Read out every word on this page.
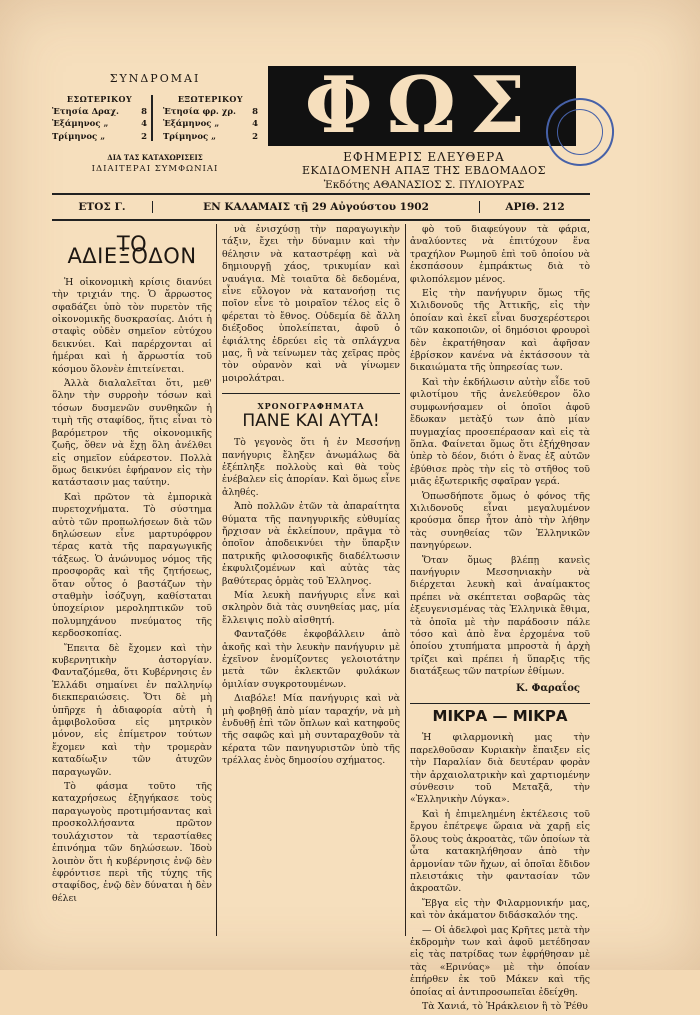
ΣΥΝΔΡΟΜΑΙ
ΕΣΩΤΕΡΙΚΟΥ
Ἐτησία Δραχ.	8
Ἐξάμηνος „	4
Τρίμηνος „	2
ΕΞΩΤΕΡΙΚΟΥ
Ἐτησία φρ. χρ. 8
Ἐξάμηνος „	4
Τρίμηνος „	2
ΔΙΑ ΤΑΣ ΚΑΤΑΧΩΡΙΣΕΙΣ
ΙΔΙΑΙΤΕΡΑΙ ΣΥΜΦΩΝΙΑΙ
ΦΩΣ
ΕΦΗΜΕΡΙΣ ΕΛΕΥΘΕΡΑ
ΕΚΔΙΔΟΜΕΝΗ ΑΠΑΞ ΤΗΣ ΕΒΔΟΜΑΔΟΣ
Ἐκδότης ΑΘΑΝΑΣΙΟΣ Σ. ΠΥΛΙΟΥΡΑΣ
ΕΤΟΣ Γ.	ΕΝ ΚΑΛΑΜΑΙΣ τῇ 29 Αὐγούστου 1902	ΑΡΙΘ. 212
ΤΟ ΑΔΙΕΞΟΔΟΝ

Ἡ οἰκονομικὴ κρίσις διανύει τὴν τριχιάν της. Ὁ ἄρρωστος σφαδάζει ὑπὸ τὸν πυρετὸν τῆς οἰκονομικῆς δυσκρασίας. Διότι ἡ σταφὶς οὐδὲν σημεῖον εὐτύχου δεικνύει. Καὶ παρέρχονται αἱ ἡμέραι καὶ ἡ ἄρρωστία τοῦ κόσμου ὅλονὲν ἐπιτείνεται.

Ἀλλὰ διαλαλεῖται ὅτι, μεθ' ὅλην τὴν συρροὴν τόσων καὶ τόσων δυσμενῶν συνθηκῶν ἡ τιμὴ τῆς σταφίδος, ἥτις εἶναι τὸ βαρόμετρον τῆς οἰκονομικῆς ζωῆς, ὅθεν νὰ ἔχῃ ὅλη ἀνέλθει εἰς σημεῖον εὐάρεστον. Πολλὰ ὅμως δεικνύει ἐφήρανον εἰς τὴν κατάστασιν μας ταύτην.

Καὶ πρῶτον τὰ ἐμπορικὰ πυρετοχνήματα. Τὸ σύστημα αὐτὸ τῶν προπωλήσεων διὰ τῶν δηλώσεων εἶνε μαρτυρόφρον τέρας κατὰ τῆς παραγωγικῆς τάξεως. Ὁ ἀνώνυμος νόμος τῆς προσφορᾶς καὶ τῆς ζητήσεως, ὅταν οὗτος ὁ βαστάζων τὴν σταθμὴν ἰσόζυγη, καθίσταται ὑποχείριον μεροληπτικῶν τοῦ πολυμηχάνου πνεύματος τῆς κερδοσκοπίας.

Ἔπειτα δὲ ἔχομεν καὶ τὴν κυβερνητικὴν ἀστοργίαν. Φανταζόμεθα, ὅτι Κυβέρνησις ἐν Ἑλλάδι σημαίνει ἐν παλληνίῳ διεκπεραιώσεις. Ὅτι δὲ μὴ ὑπῆρχε ἡ ἀδιαφορία αὐτὴ ἡ ἀμφιβολοῦσα εἰς μητρικὸν μόνον, εἰς ἐπίμετρον τούτων ἔχομεν καὶ τὴν τρομερὰν καταδίωξιν τῶν ἀτυχῶν παραγωγῶν.

Τὸ φάσμα τοῦτο τῆς καταχρήσεως ἐξηγήκασε τοὺς παραγωγοὺς προτιμήσαντας καὶ προσκολλήσαντα πρῶτον τουλάχιστον τὰ τεραστίαθες ἐπινόημα τῶν δηλώσεων. Ἰδοὺ λοιπὸν ὅτι ἡ κυβέρνησις ἐνῷ δὲν ἐφρόντισε περὶ τῆς τύχης τῆς σταφίδος, ἐνῷ δὲν δύναται ἡ δὲν θέλει

νὰ ἐνισχύσῃ τὴν παραγωγικὴν τάξιν, ἔχει τὴν δύναμιν καὶ τὴν θέλησιν νὰ καταστρέφῃ καὶ νὰ δημιουργῇ χάος, τρικυμίαν καὶ ναυάγια. Μὲ τοιαῦτα δὲ δεδομένα, εἶνε εὔλογον νὰ κατανοήσῃ τις ποῖον εἶνε τὸ μοιραῖον τέλος εἰς ὃ φέρεται τὸ ἔθνος. Οὐδεμία δὲ ἄλλη διέξοδος ὑπολείπεται, ἀφοῦ ὁ ἐφιάλτης ἐδρεύει εἰς τὰ σπλάγχνα μας, ἢ νὰ τείνωμεν τὰς χεῖρας πρὸς τὸν οὐρανὸν καὶ νὰ γίνωμεν μοιρολάτραι.

ΧΡΟΝΟΓΡΑΦΗΜΑΤΑ
ΠΑΝΕ ΚΑΙ ΑΥΤΑ!

Τὸ γεγονὸς ὅτι ἡ ἐν Μεσσήνῃ πανήγυρις ἔληξεν ἀνωμάλως δὰ ἐξέπληξε πολλοὺς καὶ θὰ τοὺς ἐνέβαλεν εἰς ἀπορίαν. Καὶ ὅμως εἶνε ἀληθές.

Ἀπὸ πολλῶν ἐτῶν τὰ ἀπαραίτητα θύματα τῆς πανηγυρικῆς εὐθυμίας ἤρχισαν νὰ ἐκλείπουν, πρᾶγμα τὸ ὁποῖον ἀποδεικνύει τὴν ὕπαρξιν πατρικῆς φιλοσοφικῆς διαδέλτωσιν ἐκφυλιζομένων καὶ αὐτὰς τὰς βαθύτερας ὁρμὰς τοῦ Ἑλληνος.

Μία λευκὴ πανήγυρις εἶνε καὶ σκληρὸν διὰ τὰς συνηθείας μας, μία ἔλλειψις πολὺ αἰσθητή.

Φανταζόθε ἐκφοβάλλειν ἀπὸ ἀκοῆς καὶ τὴν λευκὴν πανήγυριν μὲ ἐχεῖνον ἐνομίζοντες γελοιοτάτην μετὰ τῶν ἐκλεκτῶν φυλάκων ὁμιλίαν συγκροτουμένων.

Διαβόλε! Μία πανήγυρις καὶ νὰ μὴ φοβηθῇ ἀπὸ μίαν ταραχήν, νὰ μὴ ἐνδυθῇ ἐπὶ τῶν ὅπλων καὶ κατηφοῦς τῆς σαφῶς καὶ μὴ συνταραχθοῦν τὰ κέρατα τῶν πανηγυριστῶν ὑπὸ τῆς τρέλλας ἐνὸς δημοσίου σχήματος.

φὸ τοῦ διαφεύγουν τὰ φάρια, ἀναλύοντες νὰ ἐπιτύχουν ἕνα τραχήλον Ρωμηοῦ ἐπὶ τοῦ ὁποίου νὰ ἐκσπάσουν ἐμπράκτως διὰ τὸ φιλοπόλεμον μένος.

Εἰς τὴν πανήγυριν ὅμως τῆς Χιλιδονοῦς τῆς Ἀττικῆς, εἰς τὴν ὁποίαν καὶ ἐκεῖ εἶναι δυσχερέστεροι τῶν κακοποιῶν, οἱ δημόσιοι φρουροὶ δὲν ἐκρατήθησαν καὶ ἀφῆσαν ἐβρίσκον κανένα νὰ ἐκτάσσουν τὰ δικαιώματα τῆς ὑπηρεσίας των.

Καὶ τὴν ἐκδήλωσιν αὐτὴν εἶδε τοῦ φιλοτίμου τῆς ἀνελεύθερον ὅλο συμφωνήσαμεν οἱ ὁποῖοι ἀφοῦ ἔδωκαν μετὰξύ των ἀπὸ μίαν πυγμαχίας προσεπέρασαν καὶ εἰς τὰ ὅπλα. Φαίνεται ὅμως ὅτι ἐξήχθησαν ὑπὲρ τὸ δέον, διότι ὁ ἕνας ἐξ αὐτῶν ἐβύθισε πρὸς τὴν εἰς τὸ στῆθος τοῦ μιᾶς ἐξωτερικῆς σφαῖραν γερά.

Ὁπωσδήποτε ὅμως ὁ φόνος τῆς Χιλιδονοῦς εἶναι μεγαλυμένον κρούσμα ὅπερ ἦτον ἀπὸ τὴν λήθην τὰς συνηθείας τῶν Ἑλληνικῶν πανηγύρεων.

Ὅταν ὅμως βλέπῃ κανεὶς πανήγυριν Μεσσηνιακὴν νὰ διέρχεται λευκὴ καὶ ἀναίμακτος πρέπει νὰ σκέπτεται σοβαρῶς τὰς ἐξευγενισμένας τὰς Ἑλληνικὰ ἔθιμα, τὰ ὁποῖα μὲ τὴν παράδοσιν πάλε τόσο καὶ ἀπὸ ἕνα ἐρχομένα τοῦ ὁποίου χτυπήματα μπροστὰ ἡ ἀρχὴ τρίζει καὶ πρέπει ἡ ὕπαρξις τῆς διατάξεως τῶν πατρίων ἐθίμων.

Κ. Φαραΐος
ΜΙΚΡΑ — ΜΙΚΡΑ

Ἡ φιλαρμονικὴ μας τὴν παρελθοῦσαν Κυριακὴν ἔπαιξεν εἰς τὴν Παραλίαν διὰ δευτέραν φορὰν τὴν ἀρχαιολατρικὴν καὶ χαρτιομένην σύνθεσιν τοῦ Μεταξᾶ, τὴν «Ἑλληνικὴν Λύγκα».

Καὶ ἡ ἐπιμελημένη ἐκτέλεσις τοῦ ἔργου ἐπέτρεψε ὥραια νὰ χαρῇ εἰς ὅλους τοὺς ἀκροατὰς, τῶν ὁποίων τὰ ὦτα κατακηλήθησαν ἀπὸ τὴν ἀρμονίαν τῶν ἤχων, αἱ ὁποῖαι ἔδιδον πλειστάκις τὴν φαντασίαν τῶν ἀκροατῶν.

Ἔβγα εἰς τὴν Φιλαρμονικήν μας, καὶ τὸν ἀκάματον διδάσκαλόν της.

— Οἱ ἀδελφοὶ μας Κρῆτες μετὰ τὴν ἐκδρομὴν των καὶ ἀφοῦ μετέδησαν εἰς τὰς πατρίδας των ἐφρήθησαν μὲ τὰς «Ερινύας» μὲ τὴν ὁποίαν ἐπήρθεν ἐκ τοῦ Μάκεν καὶ τῆς ὁποίας αἱ ἀντιπροσωπεῖαι ἐδείχθη.

Τὰ Χανιά, τὸ Ἡράκλειον ἢ τὸ Ῥέθυ
